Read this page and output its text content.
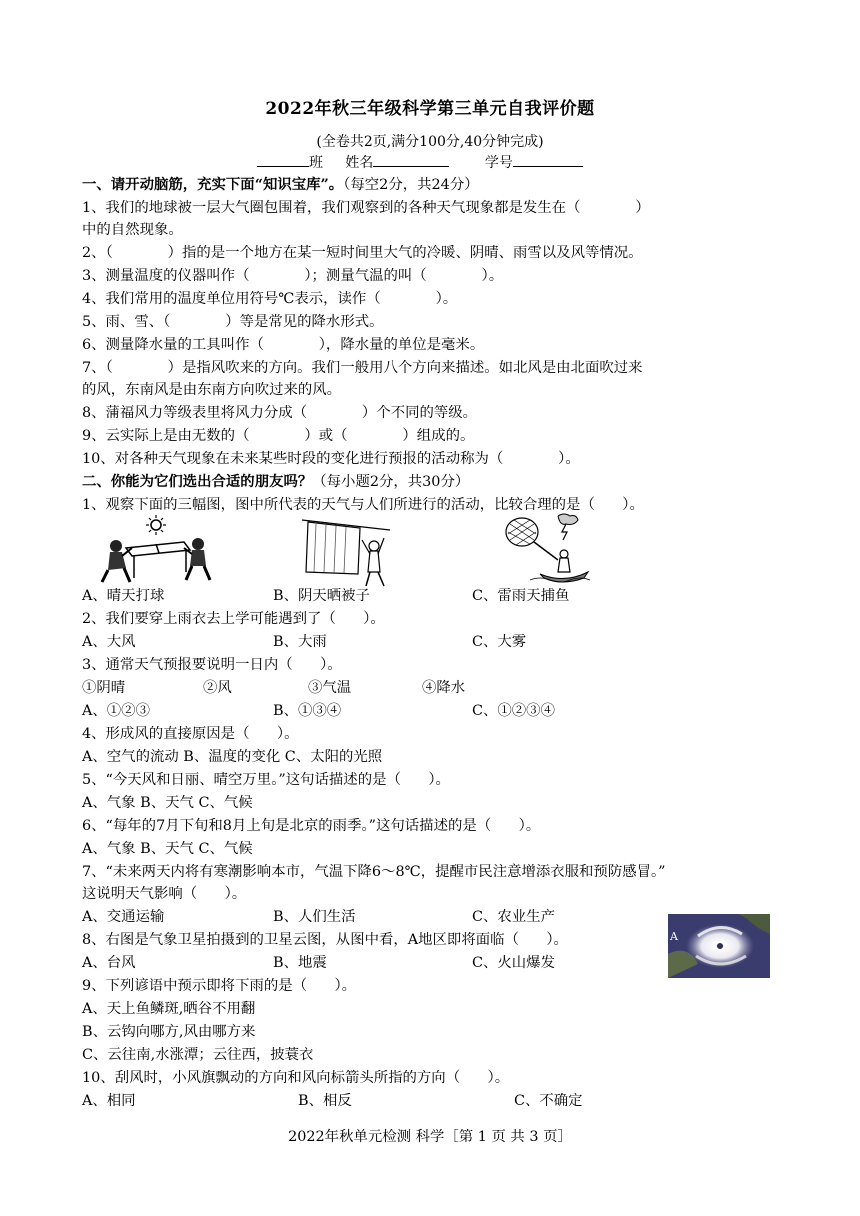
2022年秋三年级科学第三单元自我评价题
(全卷共2页,满分100分,40分钟完成)
班 姓名	学号
一、请开动脑筋，充实下面“知识宝库”。（每空2分，共24分）
1、我们的地球被一层大气圈包围着，我们观察到的各种天气现象都是发生在（            ）
中的自然现象。
2、（            ）指的是一个地方在某一短时间里大气的冷暖、阴晴、雨雪以及风等情况。
3、测量温度的仪器叫作（            ）；测量气温的叫（            ）。
4、我们常用的温度单位用符号℃表示，读作（            ）。
5、雨、雪、（            ）等是常见的降水形式。
6、测量降水量的工具叫作（            ），降水量的单位是毫米。
7、（            ）是指风吹来的方向。我们一般用八个方向来描述。如北风是由北面吹过来
的风，东南风是由东南方向吹过来的风。
8、蒲福风力等级表里将风力分成（            ）个不同的等级。
9、云实际上是由无数的（            ）或（            ）组成的。
10、对各种天气现象在未来某些时段的变化进行预报的活动称为（            ）。
二、你能为它们选出合适的朋友吗？（每小题2分，共30分）
1、观察下面的三幅图，图中所代表的天气与人们所进行的活动，比较合理的是（      ）。
A、晴天打球	B、阴天晒被子	C、雷雨天捕鱼
2、我们要穿上雨衣去上学可能遇到了（      ）。
A、大风	B、大雨	C、大雾
3、通常天气预报要说明一日内（      ）。
①阴晴	②风	③气温	④降水
A、①②③	B、①③④	C、①②③④
4、形成风的直接原因是（      ）。
A、空气的流动 B、温度的变化 C、太阳的光照
5、“今天风和日丽、晴空万里。”这句话描述的是（      ）。
A、气象 B、天气 C、气候
6、“每年的7月下旬和8月上旬是北京的雨季。”这句话描述的是（      ）。
A、气象 B、天气 C、气候
7、“未来两天内将有寒潮影响本市，气温下降6～8℃，提醒市民注意增添衣服和预防感冒。”
这说明天气影响（      ）。
A、交通运输	B、人们生活	C、农业生产
8、右图是气象卫星拍摄到的卫星云图，从图中看，A地区即将面临（      ）。
A、台风	B、地震	C、火山爆发
A
9、下列谚语中预示即将下雨的是（      ）。
A、天上鱼鳞斑,晒谷不用翻
B、云钩向哪方,风由哪方来
C、云往南,水涨潭；云往西，披蓑衣
10、刮风时，小风旗飘动的方向和风向标箭头所指的方向（      ）。
A、相同	B、相反	C、不确定
2022年秋单元检测 科学［第 1 页 共 3 页］
